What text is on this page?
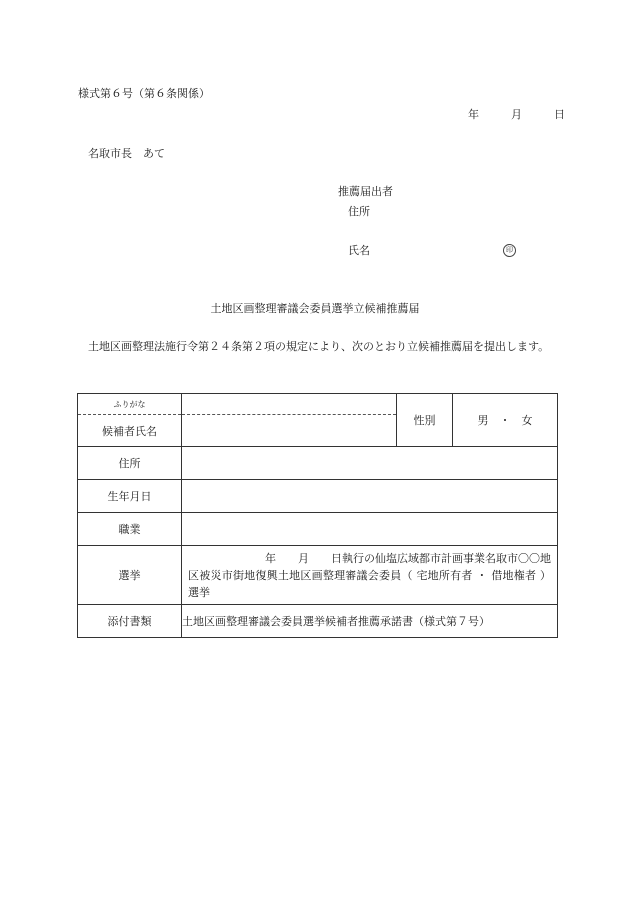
様式第６号（第６条関係）
年	月	日
名取市長　あて
推薦届出者
住所
氏名	印
土地区画整理審議会委員選挙立候補推薦届
土地区画整理法施行令第２４条第２項の規定により、次のとおり立候補推薦届を提出します。
ふりがな		性別	男　・　女
候補者氏名			
住所			
生年月日			
職業			
選挙	　　　　　　　年　　月　　日執行の仙塩広域都市計画事業名取市〇〇地区被災市街地復興土地区画整理審議会委員（ 宅地所有者 ・ 借地権者 ）選挙		

添付書類	土地区画整理審議会委員選挙候補者推薦承諾書（様式第７号）		
